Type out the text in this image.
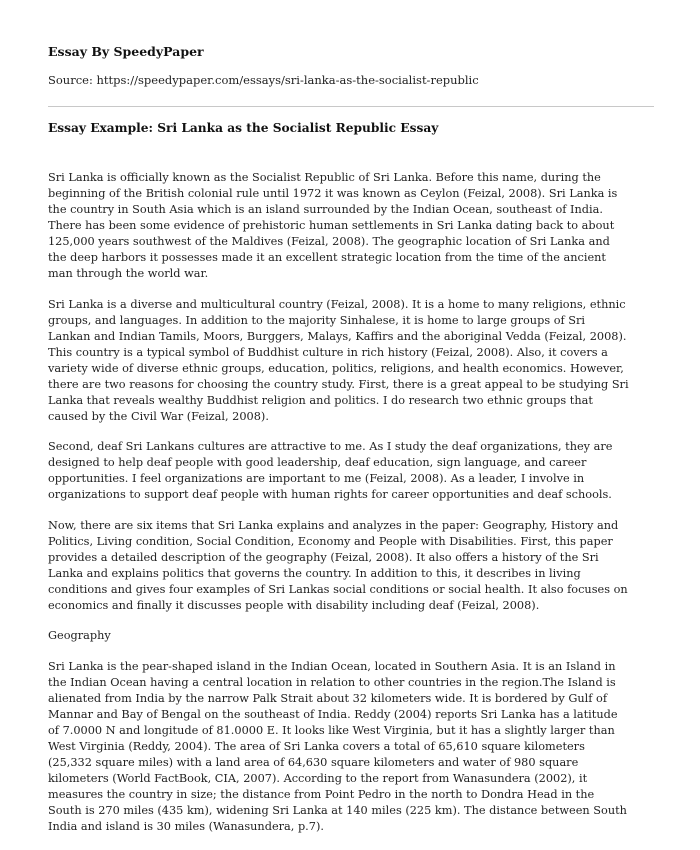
Essay By SpeedyPaper
Source: https://speedypaper.com/essays/sri-lanka-as-the-socialist-republic
Essay Example: Sri Lanka as the Socialist Republic Essay
Sri Lanka is officially known as the Socialist Republic of Sri Lanka. Before this name, during the
beginning of the British colonial rule until 1972 it was known as Ceylon (Feizal, 2008). Sri Lanka is
the country in South Asia which is an island surrounded by the Indian Ocean, southeast of India.
There has been some evidence of prehistoric human settlements in Sri Lanka dating back to about
125,000 years southwest of the Maldives (Feizal, 2008). The geographic location of Sri Lanka and
the deep harbors it possesses made it an excellent strategic location from the time of the ancient
man through the world war.
Sri Lanka is a diverse and multicultural country (Feizal, 2008). It is a home to many religions, ethnic
groups, and languages. In addition to the majority Sinhalese, it is home to large groups of Sri
Lankan and Indian Tamils, Moors, Burggers, Malays, Kaffirs and the aboriginal Vedda (Feizal, 2008).
This country is a typical symbol of Buddhist culture in rich history (Feizal, 2008). Also, it covers a
variety wide of diverse ethnic groups, education, politics, religions, and health economics. However,
there are two reasons for choosing the country study. First, there is a great appeal to be studying Sri
Lanka that reveals wealthy Buddhist religion and politics. I do research two ethnic groups that
caused by the Civil War (Feizal, 2008).
Second, deaf Sri Lankans cultures are attractive to me. As I study the deaf organizations, they are
designed to help deaf people with good leadership, deaf education, sign language, and career
opportunities. I feel organizations are important to me (Feizal, 2008). As a leader, I involve in
organizations to support deaf people with human rights for career opportunities and deaf schools.
Now, there are six items that Sri Lanka explains and analyzes in the paper: Geography, History and
Politics, Living condition, Social Condition, Economy and People with Disabilities. First, this paper
provides a detailed description of the geography (Feizal, 2008). It also offers a history of the Sri
Lanka and explains politics that governs the country. In addition to this, it describes in living
conditions and gives four examples of Sri Lankas social conditions or social health. It also focuses on
economics and finally it discusses people with disability including deaf (Feizal, 2008).
Geography
Sri Lanka is the pear-shaped island in the Indian Ocean, located in Southern Asia. It is an Island in
the Indian Ocean having a central location in relation to other countries in the region.The Island is
alienated from India by the narrow Palk Strait about 32 kilometers wide. It is bordered by Gulf of
Mannar and Bay of Bengal on the southeast of India. Reddy (2004) reports Sri Lanka has a latitude
of 7.0000 N and longitude of 81.0000 E. It looks like West Virginia, but it has a slightly larger than
West Virginia (Reddy, 2004). The area of Sri Lanka covers a total of 65,610 square kilometers
(25,332 square miles) with a land area of 64,630 square kilometers and water of 980 square
kilometers (World FactBook, CIA, 2007). According to the report from Wanasundera (2002), it
measures the country in size; the distance from Point Pedro in the north to Dondra Head in the
South is 270 miles (435 km), widening Sri Lanka at 140 miles (225 km). The distance between South
India and island is 30 miles (Wanasundera, p.7).
